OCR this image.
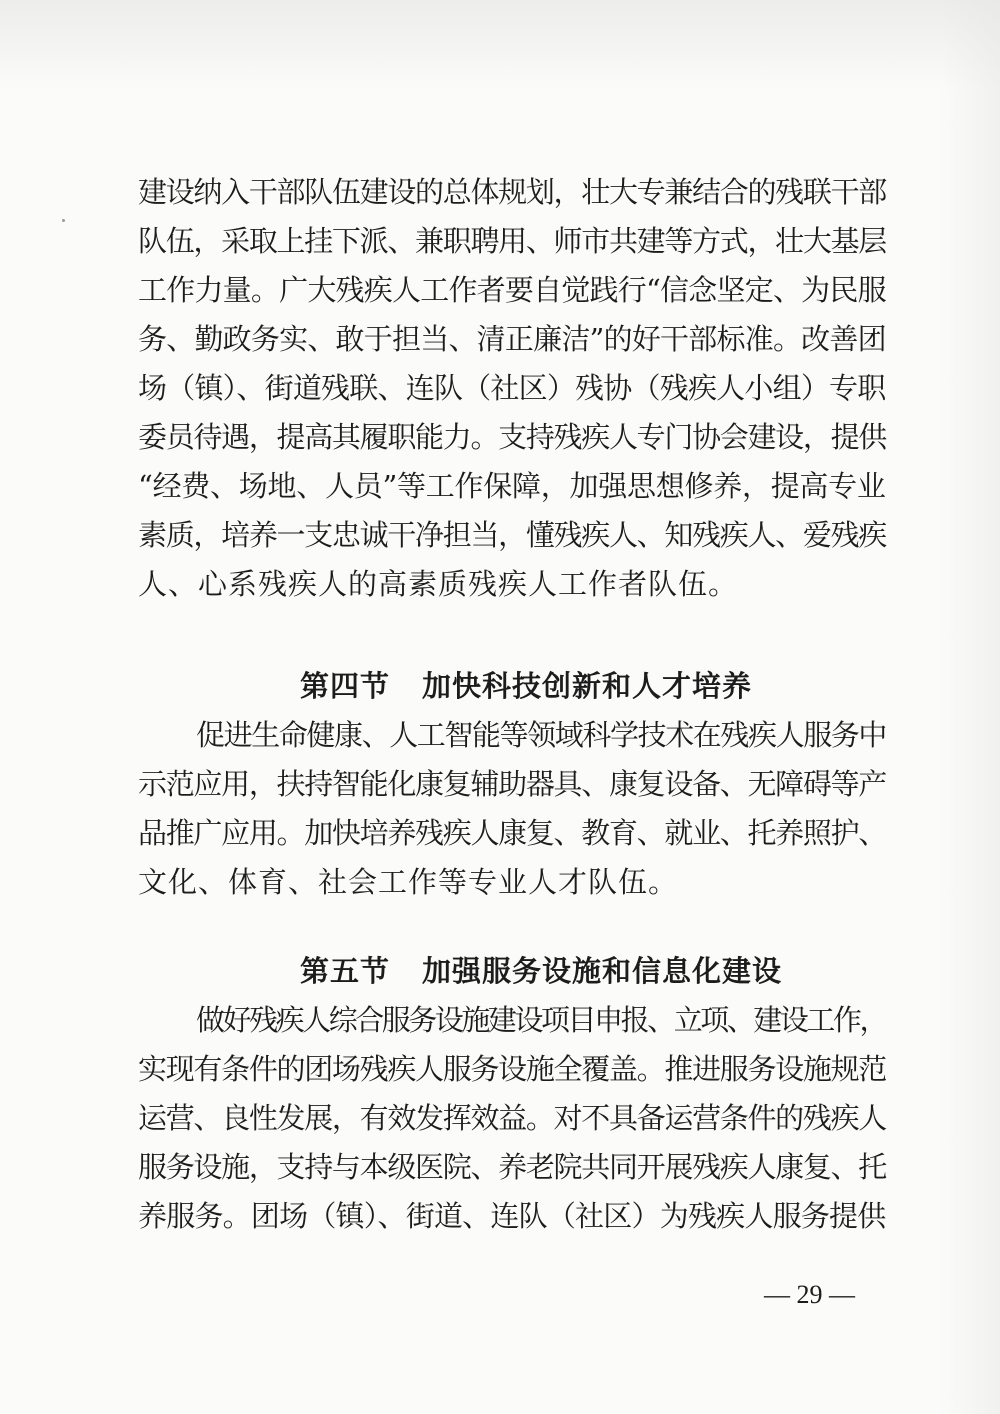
建设纳入干部队伍建设的总体规划，壮大专兼结合的残联干部
队伍，采取上挂下派、兼职聘用、师市共建等方式，壮大基层
工作力量。广大残疾人工作者要自觉践行“信念坚定、为民服
务、勤政务实、敢于担当、清正廉洁”的好干部标准。改善团
场（镇）、街道残联、连队（社区）残协（残疾人小组）专职
委员待遇，提高其履职能力。支持残疾人专门协会建设，提供
“经费、场地、人员”等工作保障，加强思想修养，提高专业
素质，培养一支忠诚干净担当，懂残疾人、知残疾人、爱残疾
人、心系残疾人的高素质残疾人工作者队伍。
第四节 加快科技创新和人才培养
促进生命健康、人工智能等领域科学技术在残疾人服务中
示范应用，扶持智能化康复辅助器具、康复设备、无障碍等产
品推广应用。加快培养残疾人康复、教育、就业、托养照护、
文化、体育、社会工作等专业人才队伍。
第五节 加强服务设施和信息化建设
做好残疾人综合服务设施建设项目申报、立项、建设工作，
实现有条件的团场残疾人服务设施全覆盖。推进服务设施规范
运营、良性发展，有效发挥效益。对不具备运营条件的残疾人
服务设施，支持与本级医院、养老院共同开展残疾人康复、托
养服务。团场（镇）、街道、连队（社区）为残疾人服务提供
— 29 —
